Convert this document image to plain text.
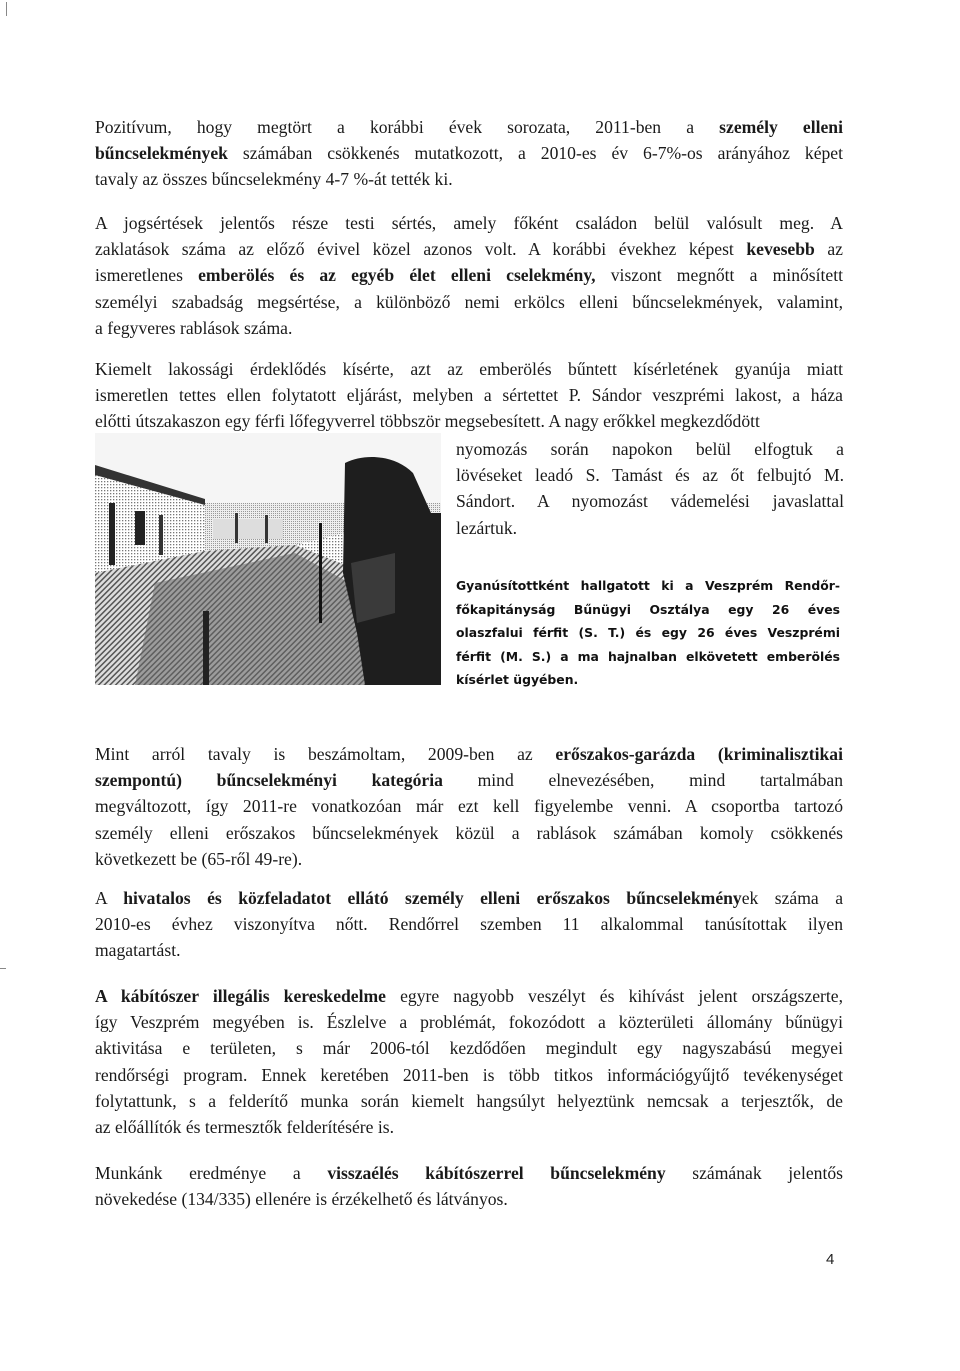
Pozitívum, hogy megtört a korábbi évek sorozata, 2011-ben a személy elleni
bűncselekmények számában csökkenés mutatkozott, a 2010-es év 6-7%-os arányához képet
tavaly az összes bűncselekmény 4-7 %-át tették ki.
A jogsértések jelentős része testi sértés, amely főként családon belül valósult meg. A
zaklatások száma az előző évivel közel azonos volt. A korábbi évekhez képest kevesebb az
ismeretlenes emberölés és az egyéb élet elleni cselekmény, viszont megnőtt a minősített
személyi szabadság megsértése, a különböző nemi erkölcs elleni bűncselekmények, valamint,
a fegyveres rablások száma.
Kiemelt lakossági érdeklődés kísérte, azt az emberölés bűntett kísérletének gyanúja miatt
ismeretlen tettes ellen folytatott eljárást, melyben a sértettet P. Sándor veszprémi lakost, a háza
előtti útszakaszon egy férfi lőfegyverrel többször megsebesített. A nagy erőkkel megkezdődött
nyomozás során napokon belül elfogtuk a
lövéseket leadó S. Tamást és az őt felbujtó M.
Sándort. A nyomozást vádemelési javaslattal
lezártuk.
Gyanúsítottként hallgatott ki a Veszprém Rendőr-
főkapitányság Bűnügyi Osztálya egy 26 éves
olaszfalui férfit (S. T.) és egy 26 éves Veszprémi
férfit (M. S.) a ma hajnalban elkövetett emberölés
kísérlet ügyében.
Mint arról tavaly is beszámoltam, 2009-ben az erőszakos-garázda (kriminalisztikai
szempontú) bűncselekményi kategória mind elnevezésében, mind tartalmában
megváltozott, így 2011-re vonatkozóan már ezt kell figyelembe venni. A csoportba tartozó
személy elleni erőszakos bűncselekmények közül a rablások számában komoly csökkenés
következett be (65-ről 49-re).
A hivatalos és közfeladatot ellátó személy elleni erőszakos bűncselekmények száma a
2010-es évhez viszonyítva nőtt. Rendőrrel szemben 11 alkalommal tanúsítottak ilyen
magatartást.
A kábítószer illegális kereskedelme egyre nagyobb veszélyt és kihívást jelent országszerte,
így Veszprém megyében is. Észlelve a problémát, fokozódott a közterületi állomány bűnügyi
aktivitása e területen, s már 2006-tól kezdődően megindult egy nagyszabású megyei
rendőrségi program. Ennek keretében 2011-ben is több titkos információgyűjtő tevékenységet
folytattunk, s a felderítő munka során kiemelt hangsúlyt helyeztünk nemcsak a terjesztők, de
az előállítók és termesztők felderítésére is.
Munkánk eredménye a visszaélés kábítószerrel bűncselekmény számának jelentős
növekedése (134/335) ellenére is érzékelhető és látványos.
4
